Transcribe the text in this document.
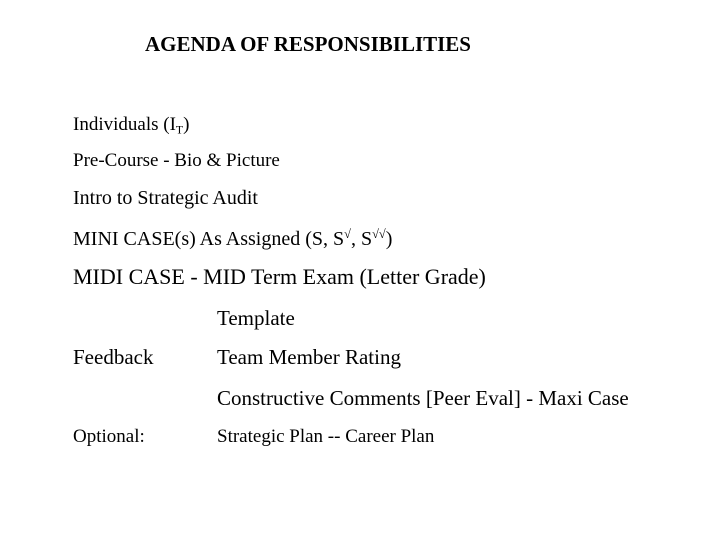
AGENDA OF RESPONSIBILITIES
Individuals $(I_T)$
Pre-Course - Bio & Picture
Intro to Strategic Audit
MINI CASE(s) As Assigned (S, S√, S√√)
MIDI CASE - MID Term Exam (Letter Grade)
Template
Feedback	Team Member Rating
Constructive Comments [Peer Eval] - Maxi Case
Optional:	Strategic Plan -- Career Plan
